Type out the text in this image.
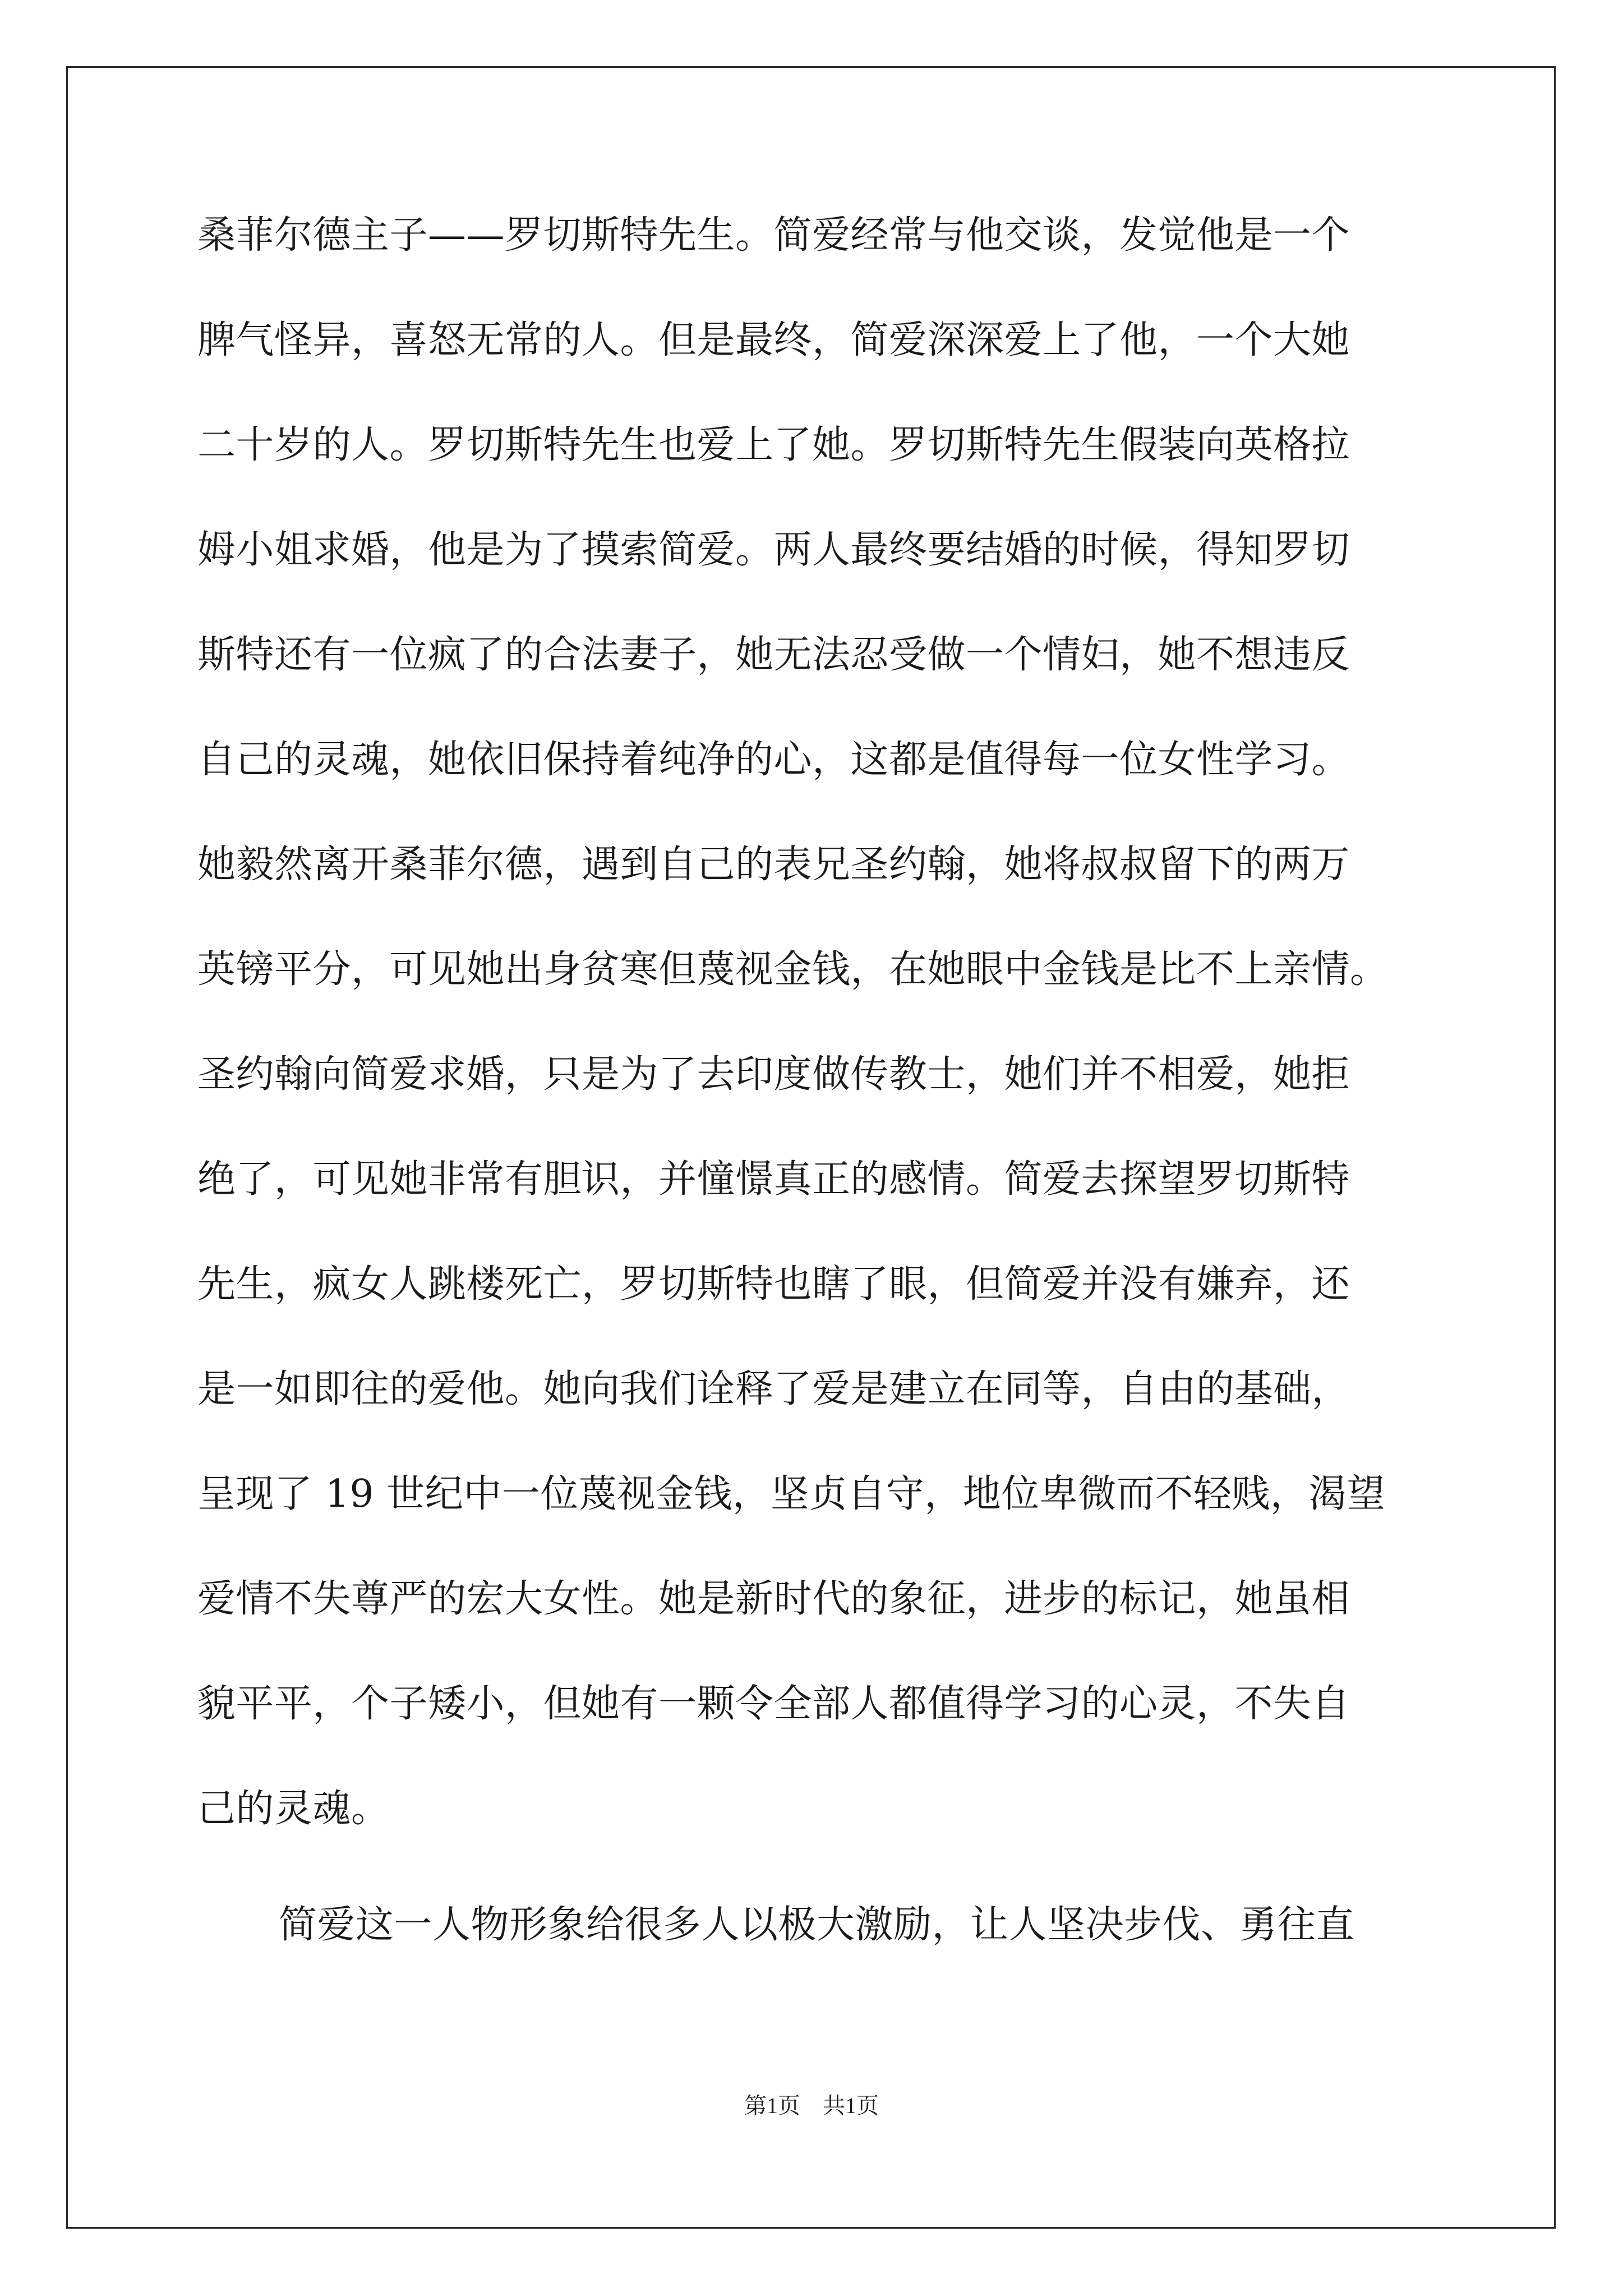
桑菲尔德主子——罗切斯特先生。简爱经常与他交谈，发觉他是一个
脾气怪异，喜怒无常的人。但是最终，简爱深深爱上了他，一个大她
二十岁的人。罗切斯特先生也爱上了她。罗切斯特先生假装向英格拉
姆小姐求婚，他是为了摸索简爱。两人最终要结婚的时候，得知罗切
斯特还有一位疯了的合法妻子，她无法忍受做一个情妇，她不想违反
自己的灵魂，她依旧保持着纯净的心，这都是值得每一位女性学习。
她毅然离开桑菲尔德，遇到自己的表兄圣约翰，她将叔叔留下的两万
英镑平分，可见她出身贫寒但蔑视金钱，在她眼中金钱是比不上亲情。
圣约翰向简爱求婚，只是为了去印度做传教士，她们并不相爱，她拒
绝了，可见她非常有胆识，并憧憬真正的感情。简爱去探望罗切斯特
先生，疯女人跳楼死亡，罗切斯特也瞎了眼，但简爱并没有嫌弃，还
是一如即往的爱他。她向我们诠释了爱是建立在同等，自由的基础，
呈现了 19 世纪中一位蔑视金钱，坚贞自守，地位卑微而不轻贱，渴望
爱情不失尊严的宏大女性。她是新时代的象征，进步的标记，她虽相
貌平平，个子矮小，但她有一颗令全部人都值得学习的心灵，不失自
己的灵魂。
简爱这一人物形象给很多人以极大激励，让人坚决步伐、勇往直
第1页　共1页
